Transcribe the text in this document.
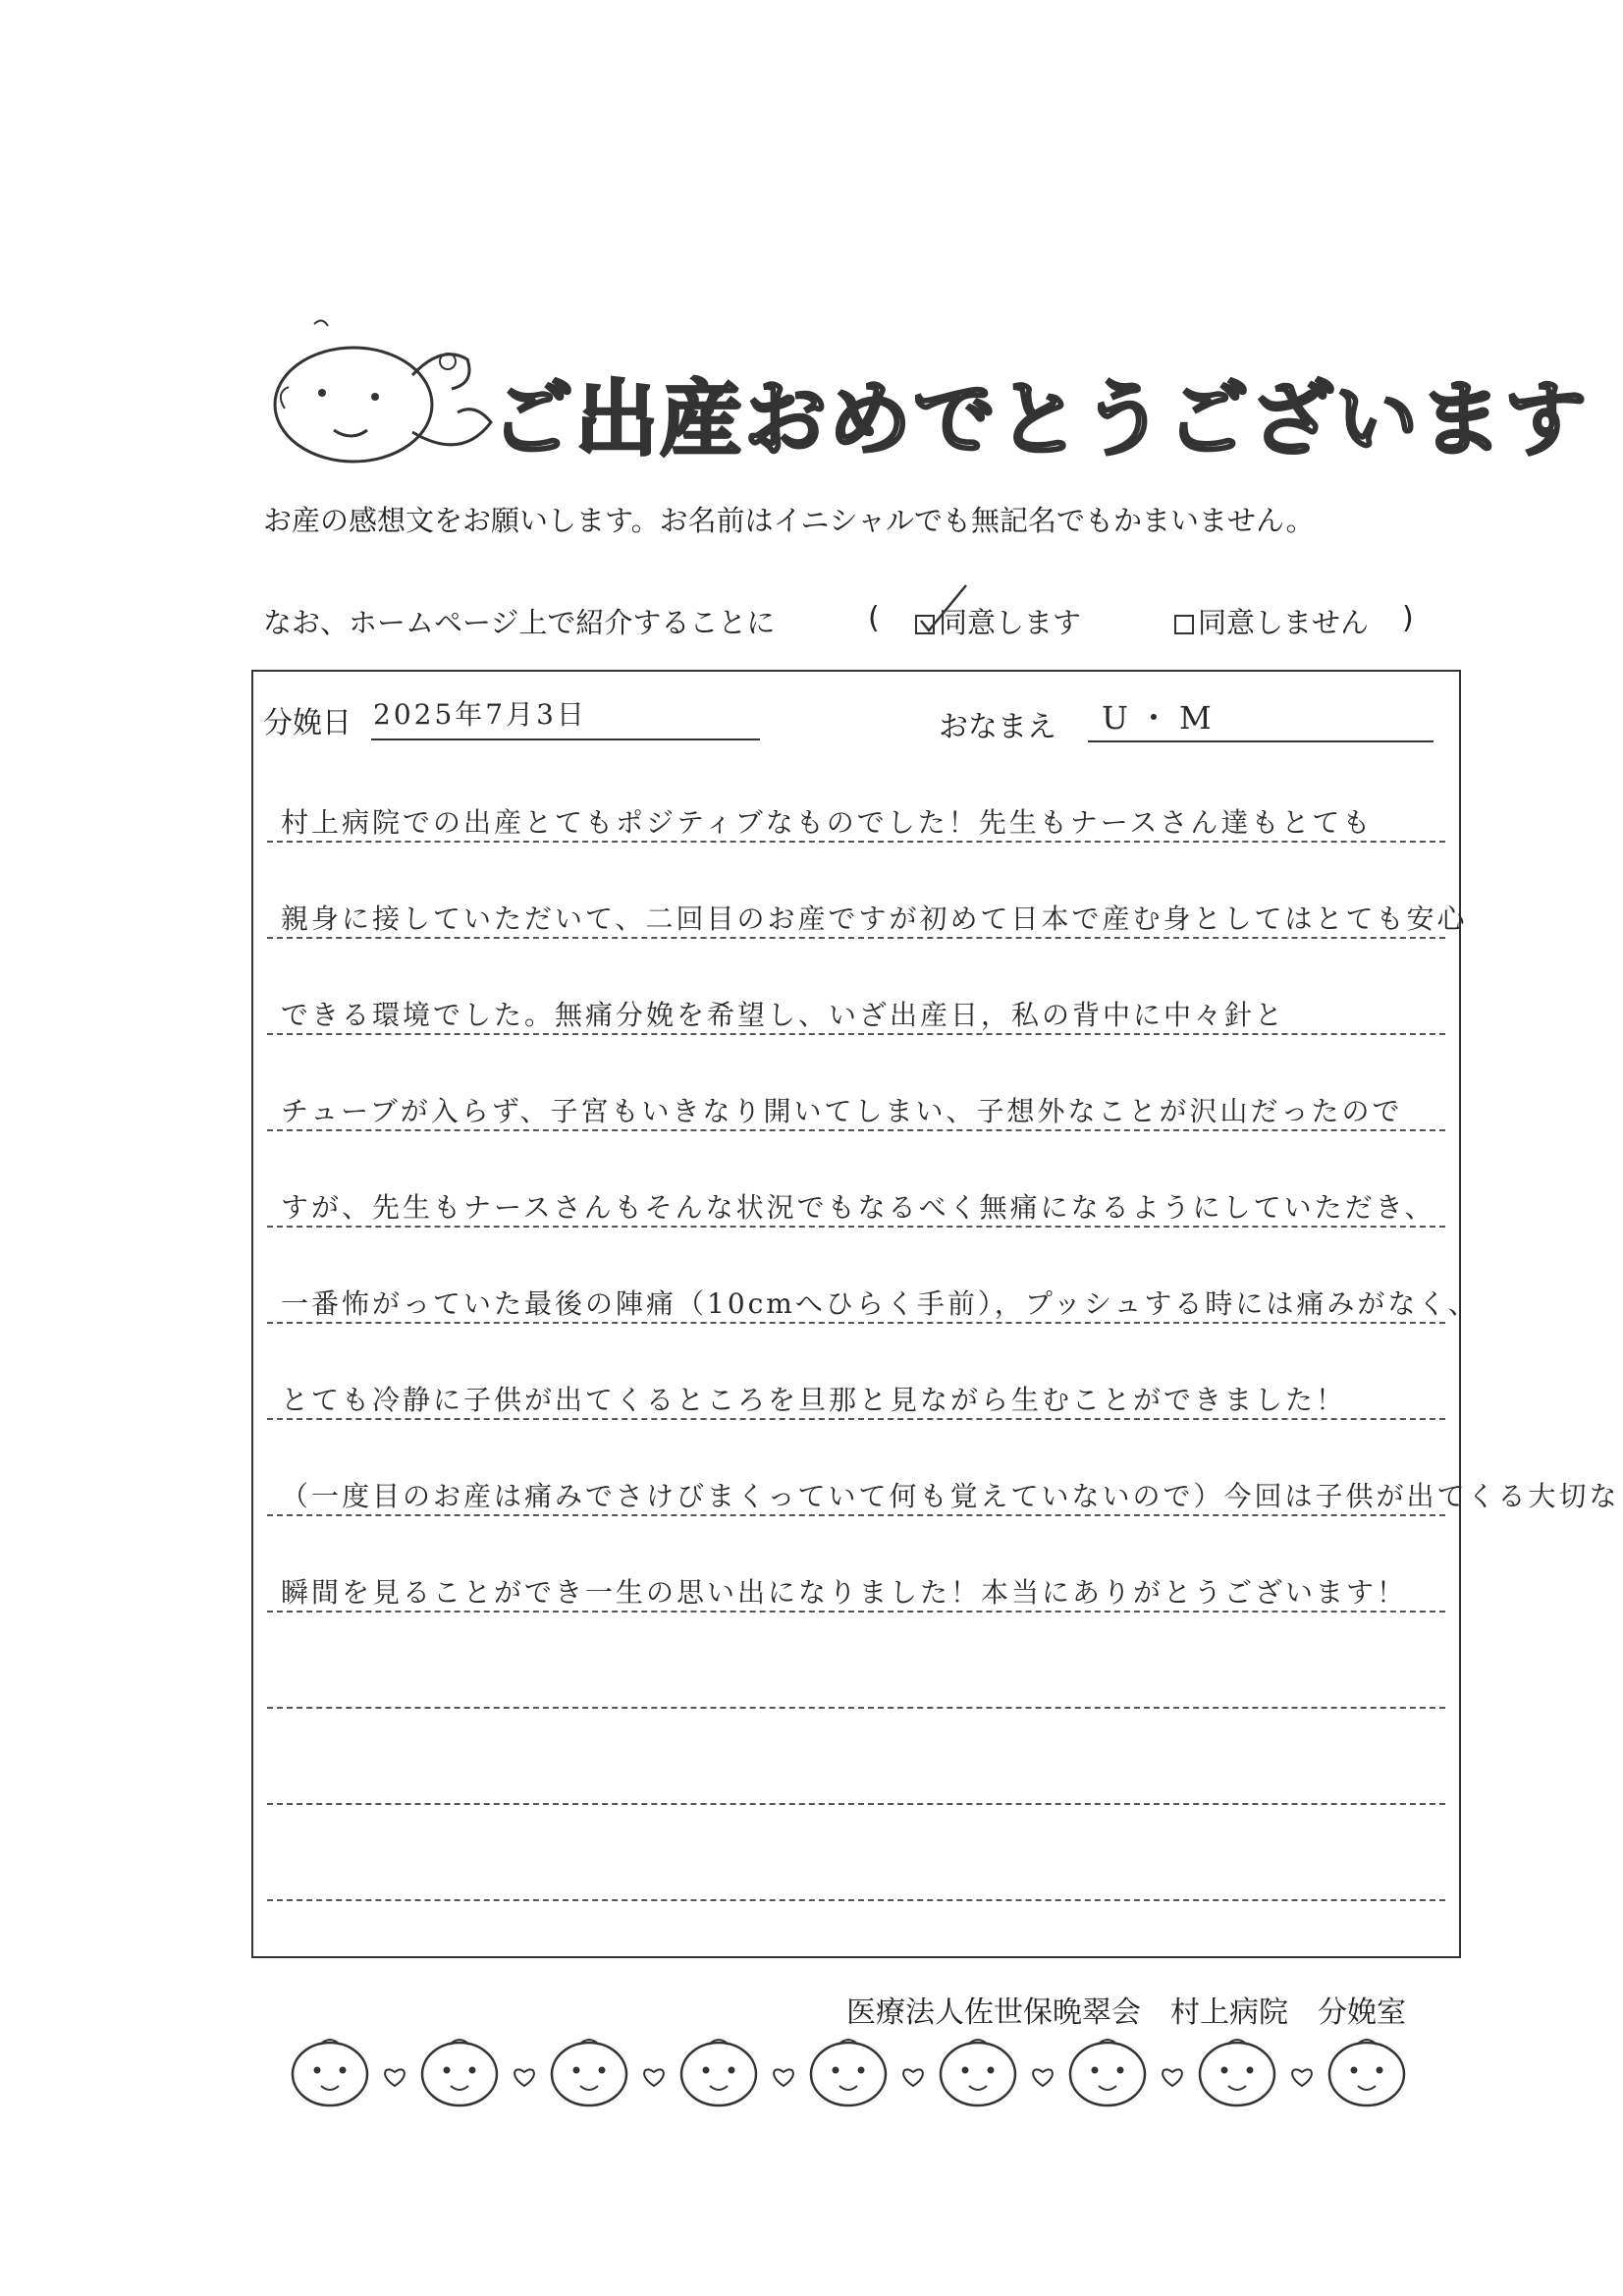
ご出産おめでとうございます
お産の感想文をお願いします。お名前はイニシャルでも無記名でもかまいません。
なお、ホームページ上で紹介することに	(	同意します	同意しません )
分娩日 2025年7月3日	おなまえ U・M
村上病院での出産とてもポジティブなものでした！先生もナースさん達もとても
親身に接していただいて、二回目のお産ですが初めて日本で産む身としてはとても安心
できる環境でした。無痛分娩を希望し、いざ出産日，私の背中に中々針と
チューブが入らず、子宮もいきなり開いてしまい、子想外なことが沢山だったので
すが、先生もナースさんもそんな状況でもなるべく無痛になるようにしていただき、
一番怖がっていた最後の陣痛（10cmへひらく手前），プッシュする時には痛みがなく、
とても冷静に子供が出てくるところを旦那と見ながら生むことができました！
（一度目のお産は痛みでさけびまくっていて何も覚えていないので）今回は子供が出てくる大切な
瞬間を見ることができ一生の思い出になりました！本当にありがとうございます！
医療法人佐世保晩翠会　村上病院　分娩室
